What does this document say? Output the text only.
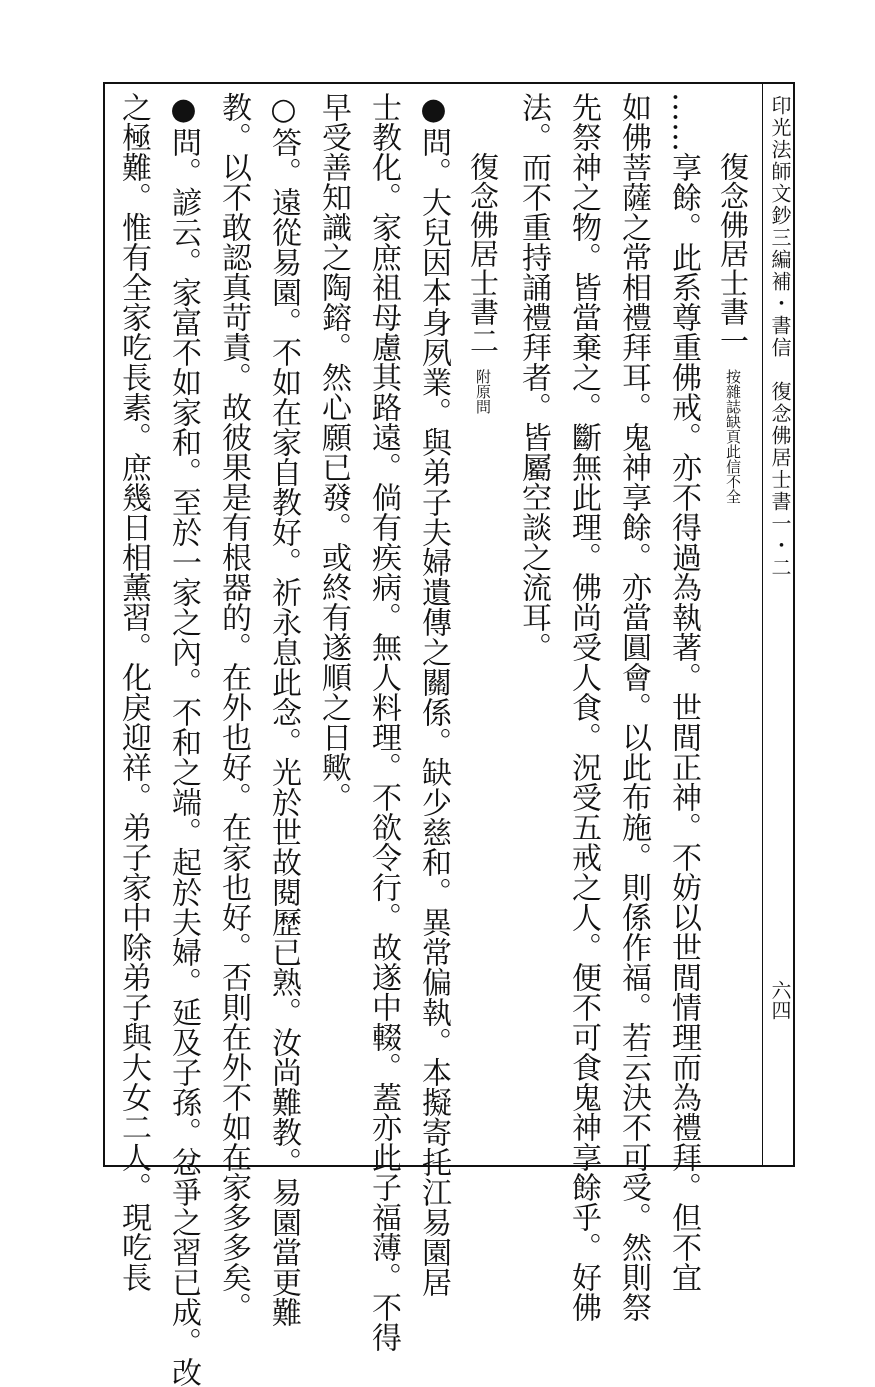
印光法師文鈔三編補・書信　復念佛居士書一・二
六四
復念佛居士書一按雜誌缺頁此信不全
……享餘。此系尊重佛戒。亦不得過為執著。世間正神。不妨以世間情理而為禮拜。但不宜
如佛菩薩之常相禮拜耳。鬼神享餘。亦當圓會。以此布施。則係作福。若云決不可受。然則祭
先祭神之物。皆當棄之。斷無此理。佛尚受人食。況受五戒之人。便不可食鬼神享餘乎。好佛
法。而不重持誦禮拜者。皆屬空談之流耳。
復念佛居士書二附原問
●問。大兒因本身夙業。與弟子夫婦遺傳之關係。缺少慈和。異常偏執。本擬寄托江易園居
士教化。家庶祖母慮其路遠。倘有疾病。無人料理。不欲令行。故遂中輟。蓋亦此子福薄。不得
早受善知識之陶鎔。然心願已發。或終有遂順之日歟。
○答。遠從易園。不如在家自教好。祈永息此念。光於世故閱歷已熟。汝尚難教。易園當更難
教。以不敢認真苛責。故彼果是有根器的。在外也好。在家也好。否則在外不如在家多多矣。
●問。諺云。家富不如家和。至於一家之內。不和之端。起於夫婦。延及子孫。忿爭之習已成。改
之極難。惟有全家吃長素。庶幾日相薰習。化戾迎祥。弟子家中除弟子與大女二人。現吃長
